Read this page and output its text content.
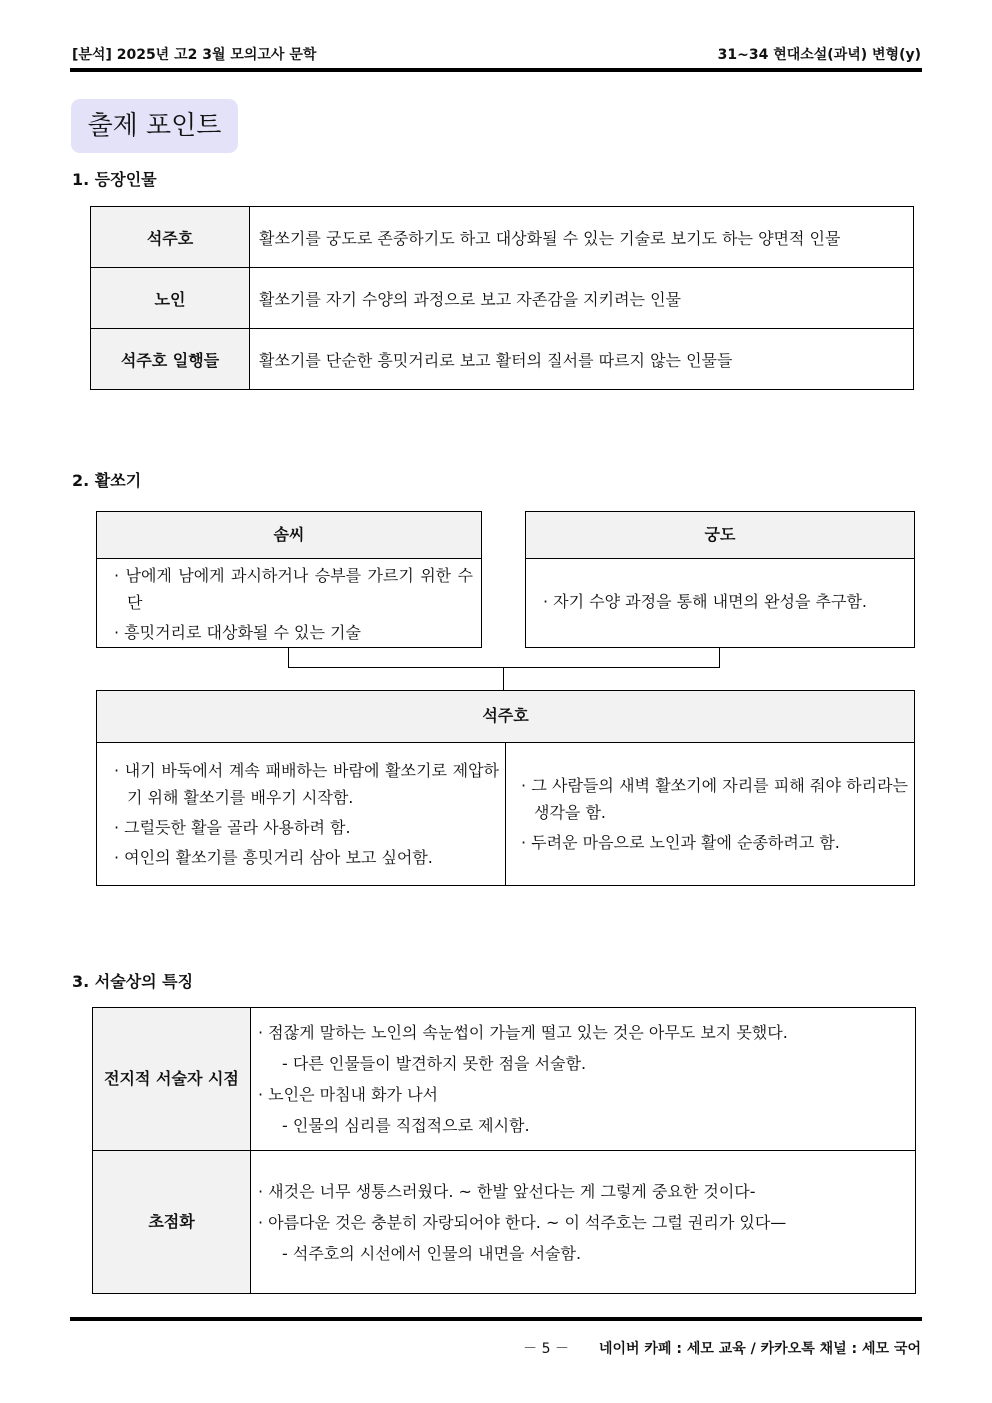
[분석] 2025년 고2 3월 모의고사 문학	31~34 현대소설(과녁) 변형(y)
출제 포인트
1. 등장인물
석주호	활쏘기를 궁도로 존중하기도 하고 대상화될 수 있는 기술로 보기도 하는 양면적 인물
노인	활쏘기를 자기 수양의 과정으로 보고 자존감을 지키려는 인물
석주호 일행들	활쏘기를 단순한 흥밋거리로 보고 활터의 질서를 따르지 않는 인물들
2. 활쏘기
솜씨
· 남에게 남에게 과시하거나 승부를 가르기 위한 수단
· 흥밋거리로 대상화될 수 있는 기술
궁도
· 자기 수양 과정을 통해 내면의 완성을 추구함.
석주호
· 내기 바둑에서 계속 패배하는 바람에 활쏘기로 제압하기 위해 활쏘기를 배우기 시작함.
· 그럴듯한 활을 골라 사용하려 함.
· 여인의 활쏘기를 흥밋거리 삼아 보고 싶어함.
· 그 사람들의 새벽 활쏘기에 자리를 피해 줘야 하리라는 생각을 함.
· 두려운 마음으로 노인과 활에 순종하려고 함.
3. 서술상의 특징
전지적 서술자 시점	· 점잖게 말하는 노인의 속눈썹이 가늘게 떨고 있는 것은 아무도 보지 못했다.
- 다른 인물들이 발견하지 못한 점을 서술함.
· 노인은 마침내 화가 나서
- 인물의 심리를 직접적으로 제시함.

초점화	· 새것은 너무 생퉁스러웠다. ~ 한발 앞선다는 게 그렇게 중요한 것이다-
· 아름다운 것은 충분히 자랑되어야 한다. ~ 이 석주호는 그럴 권리가 있다—
- 석주호의 시선에서 인물의 내면을 서술함.
－ 5 － 네이버 카페 : 세모 교육 / 카카오톡 채널 : 세모 국어
